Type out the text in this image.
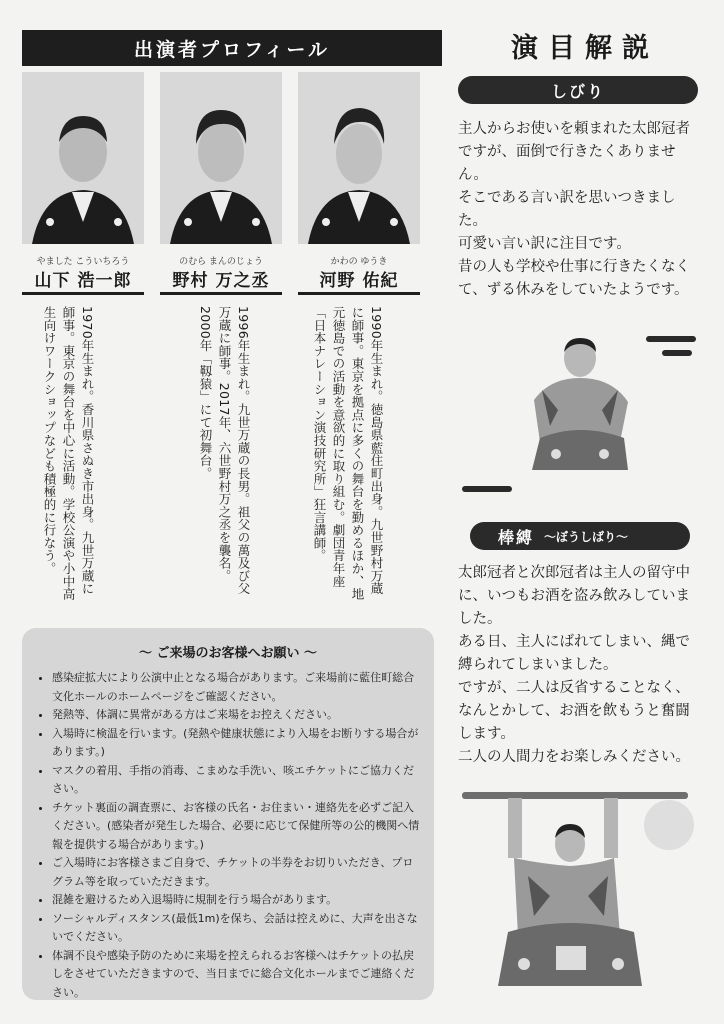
出演者プロフィール
やました こういちろう	のむら まんのじょう	かわの ゆうき
山下 浩一郎	野村 万之丞	河野 佑紀
1970年生まれ。香川県さぬき市出身。九世万蔵に師事。東京の舞台を中心に活動。学校公演や小中高生向けワークショップなども積極的に行なう。	1996年生まれ。九世万蔵の長男。祖父の萬及び父万蔵に師事。2017年、六世野村万之丞を襲名。2000年「靱猿」にて初舞台。	1990年生まれ。徳島県藍住町出身。九世野村万蔵に師事。東京を拠点に多くの舞台を勤めるほか、地元徳島での活動を意欲的に取り組む。劇団青年座「日本ナレーション演技研究所」狂言講師。
～ ご来場のお客様へお願い ～
• 感染症拡大により公演中止となる場合があります。ご来場前に藍住町総合文化ホールのホームページをご確認ください。
• 発熱等、体調に異常がある方はご来場をお控えください。
• 入場時に検温を行います。(発熱や健康状態により入場をお断りする場合があります。)
• マスクの着用、手指の消毒、こまめな手洗い、咳エチケットにご協力ください。
• チケット裏面の調査票に、お客様の氏名・お住まい・連絡先を必ずご記入ください。(感染者が発生した場合、必要に応じて保健所等の公的機関へ情報を提供する場合があります。)
• ご入場時にお客様さまご自身で、チケットの半券をお切りいただき、プログラム等を取っていただきます。
• 混雑を避けるため入退場時に規制を行う場合があります。
• ソーシャルディスタンス(最低1m)を保ち、会話は控えめに、大声を出さないでください。
• 体調不良や感染予防のために来場を控えられるお客様へはチケットの払戻しをさせていただきますので、当日までに総合文化ホールまでご連絡ください。
演目解説
しびり

主人からお使いを頼まれた太郎冠者ですが、面倒で行きたくありません。
そこである言い訳を思いつきました。
可愛い言い訳に注目です。
昔の人も学校や仕事に行きたくなくて、ずる休みをしていたようです。

棒縛 ～ぼうしばり～

太郎冠者と次郎冠者は主人の留守中に、いつもお酒を盗み飲みしていました。
ある日、主人にばれてしまい、縄で縛られてしまいました。
ですが、二人は反省することなく、なんとかして、お酒を飲もうと奮闘します。
二人の人間力をお楽しみください。
